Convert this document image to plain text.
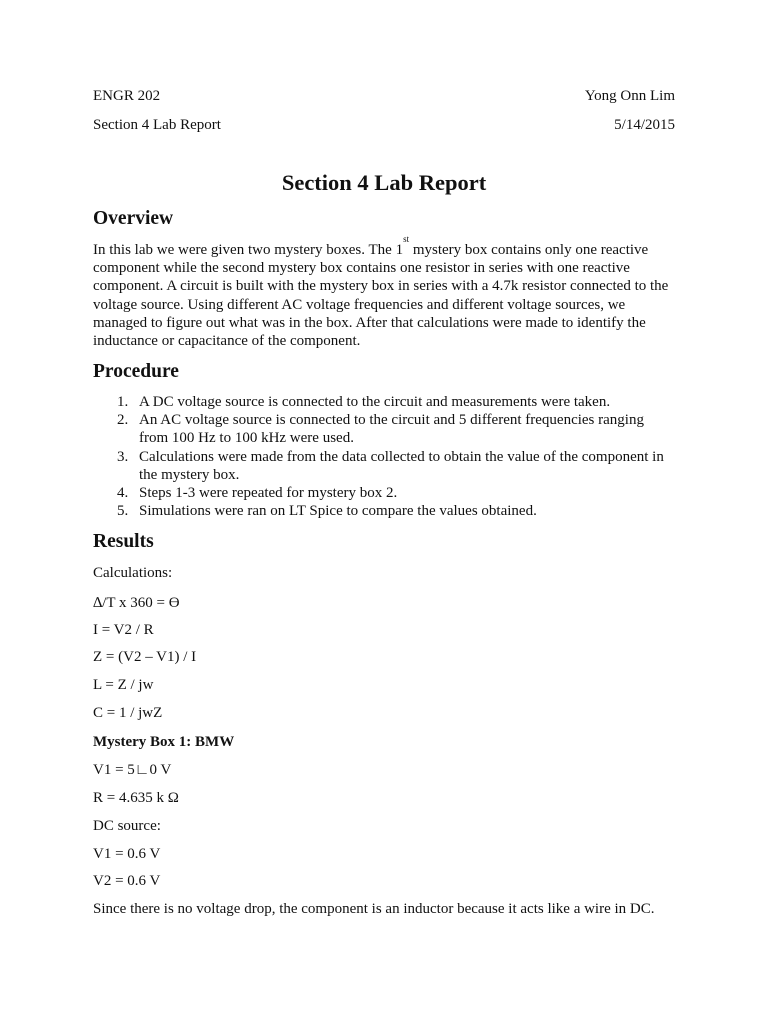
ENGR 202	Yong Onn Lim
Section 4 Lab Report	5/14/2015
Section 4 Lab Report
Overview

In this lab we were given two mystery boxes. The 1st mystery box contains only one reactive component while the second mystery box contains one resistor in series with one reactive component. A circuit is built with the mystery box in series with a 4.7k resistor connected to the voltage source. Using different AC voltage frequencies and different voltage sources, we managed to figure out what was in the box. After that calculations were made to identify the inductance or capacitance of the component.

Procedure
1. A DC voltage source is connected to the circuit and measurements were taken.
2. An AC voltage source is connected to the circuit and 5 different frequencies ranging from 100 Hz to 100 kHz were used.
3. Calculations were made from the data collected to obtain the value of the component in the mystery box.
4. Steps 1-3 were repeated for mystery box 2.
5. Simulations were ran on LT Spice to compare the values obtained.
Results
Calculations:
∆/T x 360 = ϴ
I = V2 / R
Z = (V2 – V1) / I
L = Z / jw
C = 1 / jwZ
Mystery Box 1: BMW
V1 = 5∟0 V
R = 4.635 k Ω
DC source:
V1 = 0.6 V
V2 = 0.6 V
Since there is no voltage drop, the component is an inductor because it acts like a wire in DC.
